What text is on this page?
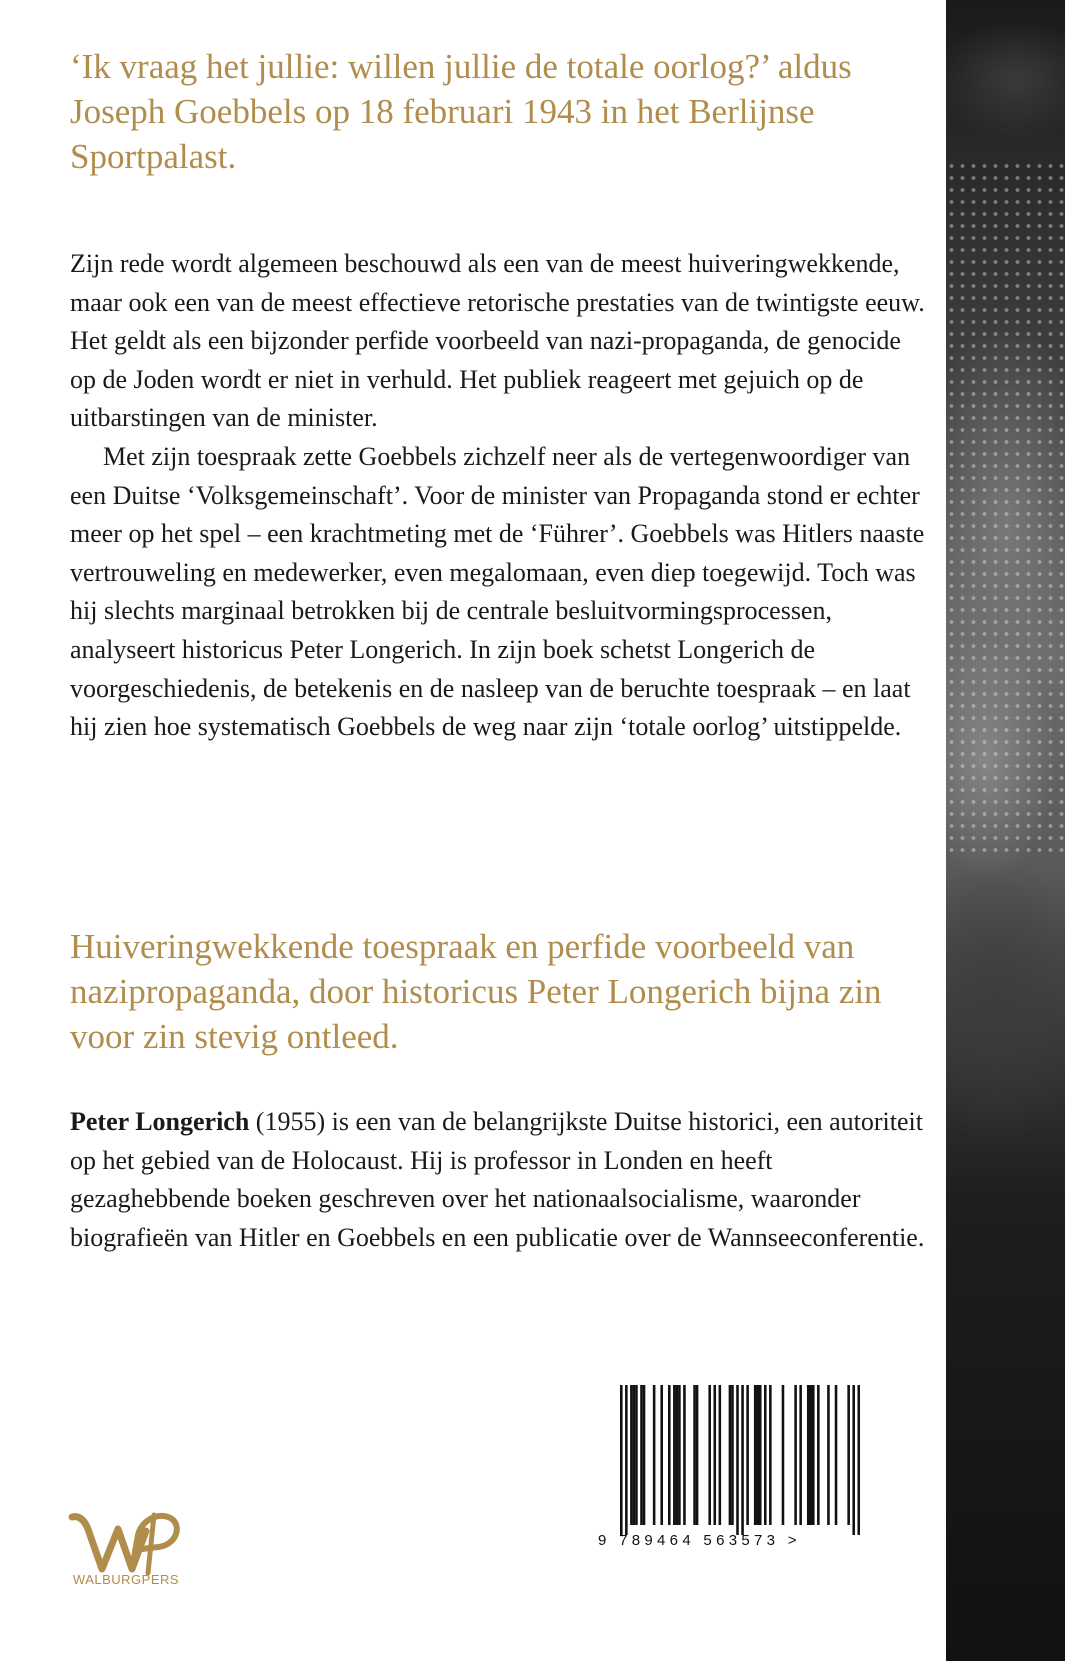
‘Ik vraag het jullie: willen jullie de totale oorlog?’ aldus Joseph Goebbels op 18 februari 1943 in het Berlijnse Sportpalast.

Zijn rede wordt algemeen beschouwd als een van de meest huiveringwekkende, maar ook een van de meest effectieve retorische prestaties van de twintigste eeuw. Het geldt als een bijzonder perfide voorbeeld van nazi-propaganda, de genocide op de Joden wordt er niet in verhuld. Het publiek reageert met gejuich op de uitbarstingen van de minister.

Met zijn toespraak zette Goebbels zichzelf neer als de vertegenwoordiger van een Duitse ‘Volksgemeinschaft’. Voor de minister van Propaganda stond er echter meer op het spel – een krachtmeting met de ‘Führer’. Goebbels was Hitlers naaste vertrouweling en medewerker, even megalomaan, even diep toegewijd. Toch was hij slechts marginaal betrokken bij de centrale besluitvormingsprocessen, analyseert historicus Peter Longerich. In zijn boek schetst Longerich de voorgeschiedenis, de betekenis en de nasleep van de beruchte toespraak – en laat hij zien hoe systematisch Goebbels de weg naar zijn ‘totale oorlog’ uitstippelde.

Huiveringwekkende toespraak en perfide voorbeeld van nazipropaganda, door historicus Peter Longerich bijna zin voor zin stevig ontleed.

Peter Longerich (1955) is een van de belangrijkste Duitse historici, een autoriteit op het gebied van de Holocaust. Hij is professor in Londen en heeft gezaghebbende boeken geschreven over het nationaalsocialisme, waaronder biografieën van Hitler en Goebbels en een publicatie over de Wannseeconferentie.

WALBURGPERS
9 789464 563573 >
